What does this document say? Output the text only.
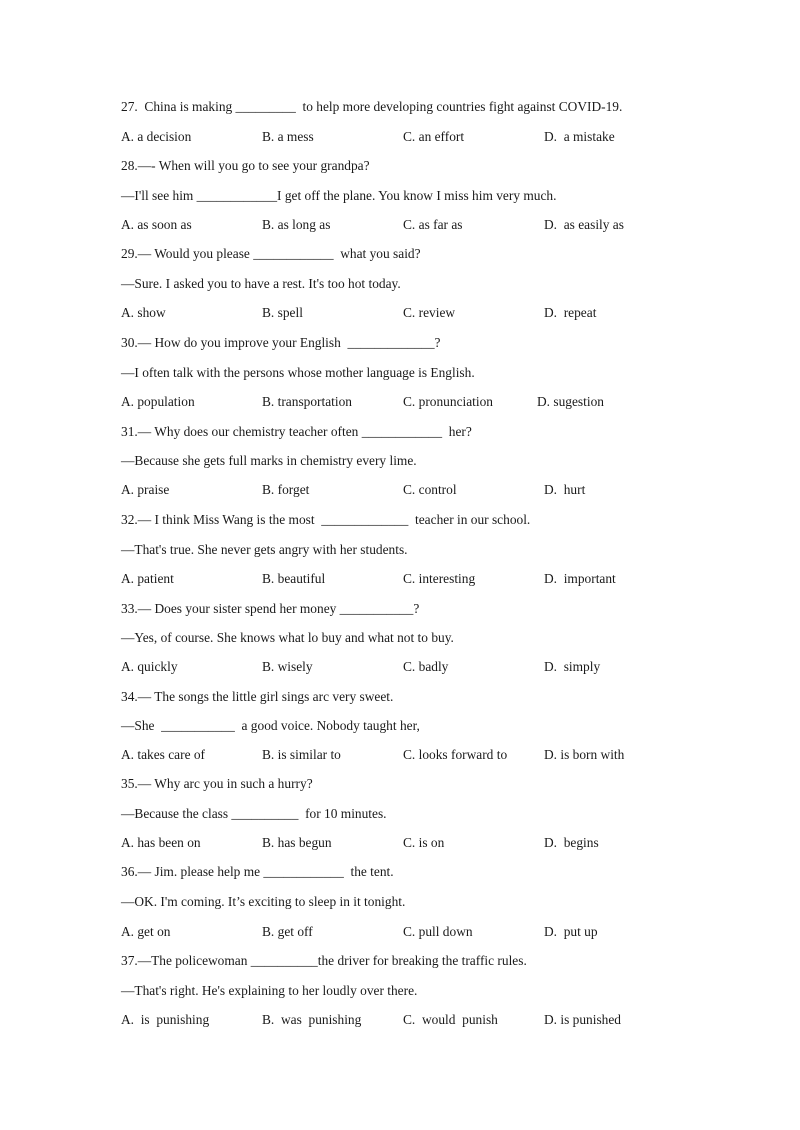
27.  China is making _________  to help more developing countries fight against COVID-19.
A. a decision	B. a mess	C. an effort	D.  a mistake
28.—- When will you go to see your grandpa?
—I'll see him ____________I get off the plane. You know I miss him very much.
A. as soon as	B. as long as	C. as far as	D.  as easily as
29.— Would you please ____________  what you said?
—Sure. I asked you to have a rest. It's too hot today.
A. show	B. spell	C. review	D.  repeat
30.— How do you improve your English  _____________?
—I often talk with the persons whose mother language is English.
A. population	B. transportation	C. pronunciation	D. sugestion
31.— Why does our chemistry teacher often ____________  her?
—Because she gets full marks in chemistry every lime.
A. praise	B. forget	C. control	D.  hurt
32.— I think Miss Wang is the most  _____________  teacher in our school.
—That's true. She never gets angry with her students.
A. patient	B. beautiful	C. interesting	D.  important
33.— Does your sister spend her money ___________?
—Yes, of course. She knows what lo buy and what not to buy.
A. quickly	B. wisely	C. badly	D.  simply
34.— The songs the little girl sings arc very sweet.
—She  ___________  a good voice. Nobody taught her,
A. takes care of	B. is similar to	C. looks forward to	D. is born with
35.— Why arc you in such a hurry?
—Because the class __________  for 10 minutes.
A. has been on	B. has begun	C. is on	D.  begins
36.— Jim. please help me ____________  the tent.
—OK. I'm coming. It’s exciting to sleep in it tonight.
A. get on	B. get off	C. pull down	D.  put up
37.—The policewoman __________the driver for breaking the traffic rules.
—That's right. He's explaining to her loudly over there.
A.  is  punishing	B.  was  punishing	C.  would  punish	D. is punished
